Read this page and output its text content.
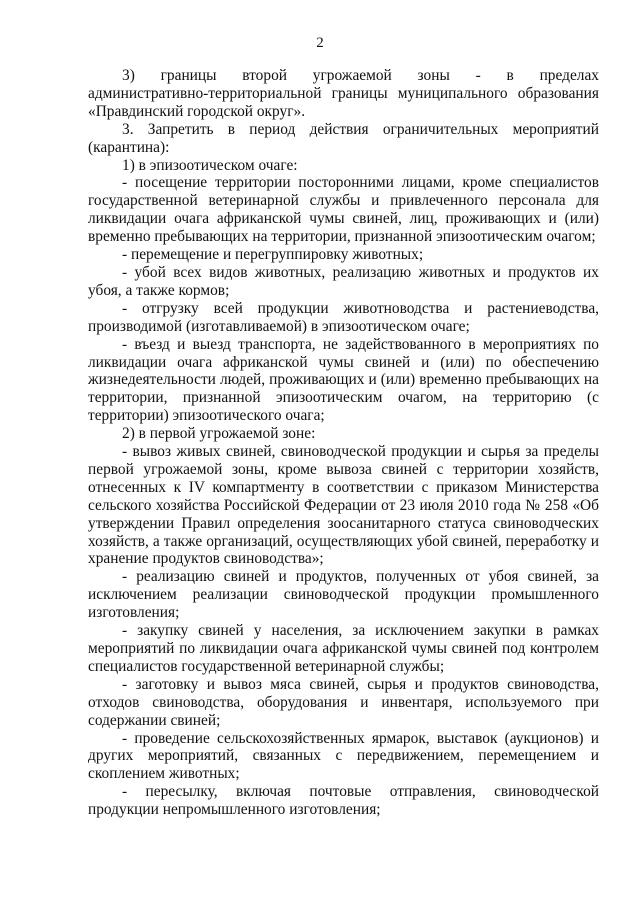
2

3) границы второй угрожаемой зоны - в пределах

административно-территориальной границы муниципального образования «Правдинский городской округ».

3. Запретить в период действия ограничительных мероприятий (карантина):

1) в эпизоотическом очаге:

- посещение территории посторонними лицами, кроме специалистов государственной ветеринарной службы и привлеченного персонала для ликвидации очага африканской чумы свиней, лиц, проживающих и (или) временно пребывающих на территории, признанной эпизоотическим очагом;

- перемещение и перегруппировку животных;

- убой всех видов животных, реализацию животных и продуктов их убоя, а также кормов;

- отгрузку всей продукции животноводства и растениеводства, производимой (изготавливаемой) в эпизоотическом очаге;

- въезд и выезд транспорта, не задействованного в мероприятиях по ликвидации очага африканской чумы свиней и (или) по обеспечению жизнедеятельности людей, проживающих и (или) временно пребывающих на территории, признанной эпизоотическим очагом, на территорию (с территории) эпизоотического очага;

2) в первой угрожаемой зоне:

- вывоз живых свиней, свиноводческой продукции и сырья за пределы первой угрожаемой зоны, кроме вывоза свиней с территории хозяйств, отнесенных к IV компартменту в соответствии с приказом Министерства сельского хозяйства Российской Федерации от 23 июля 2010 года № 258 «Об утверждении Правил определения зоосанитарного статуса свиноводческих хозяйств, а также организаций, осуществляющих убой свиней, переработку и хранение продуктов свиноводства»;

- реализацию свиней и продуктов, полученных от убоя свиней, за исключением реализации свиноводческой продукции промышленного изготовления;

- закупку свиней у населения, за исключением закупки в рамках мероприятий по ликвидации очага африканской чумы свиней под контролем специалистов государственной ветеринарной службы;

- заготовку и вывоз мяса свиней, сырья и продуктов свиноводства, отходов свиноводства, оборудования и инвентаря, используемого при содержании свиней;

- проведение сельскохозяйственных ярмарок, выставок (аукционов) и других мероприятий, связанных с передвижением, перемещением и скоплением животных;

- пересылку, включая почтовые отправления, свиноводческой продукции непромышленного изготовления;
